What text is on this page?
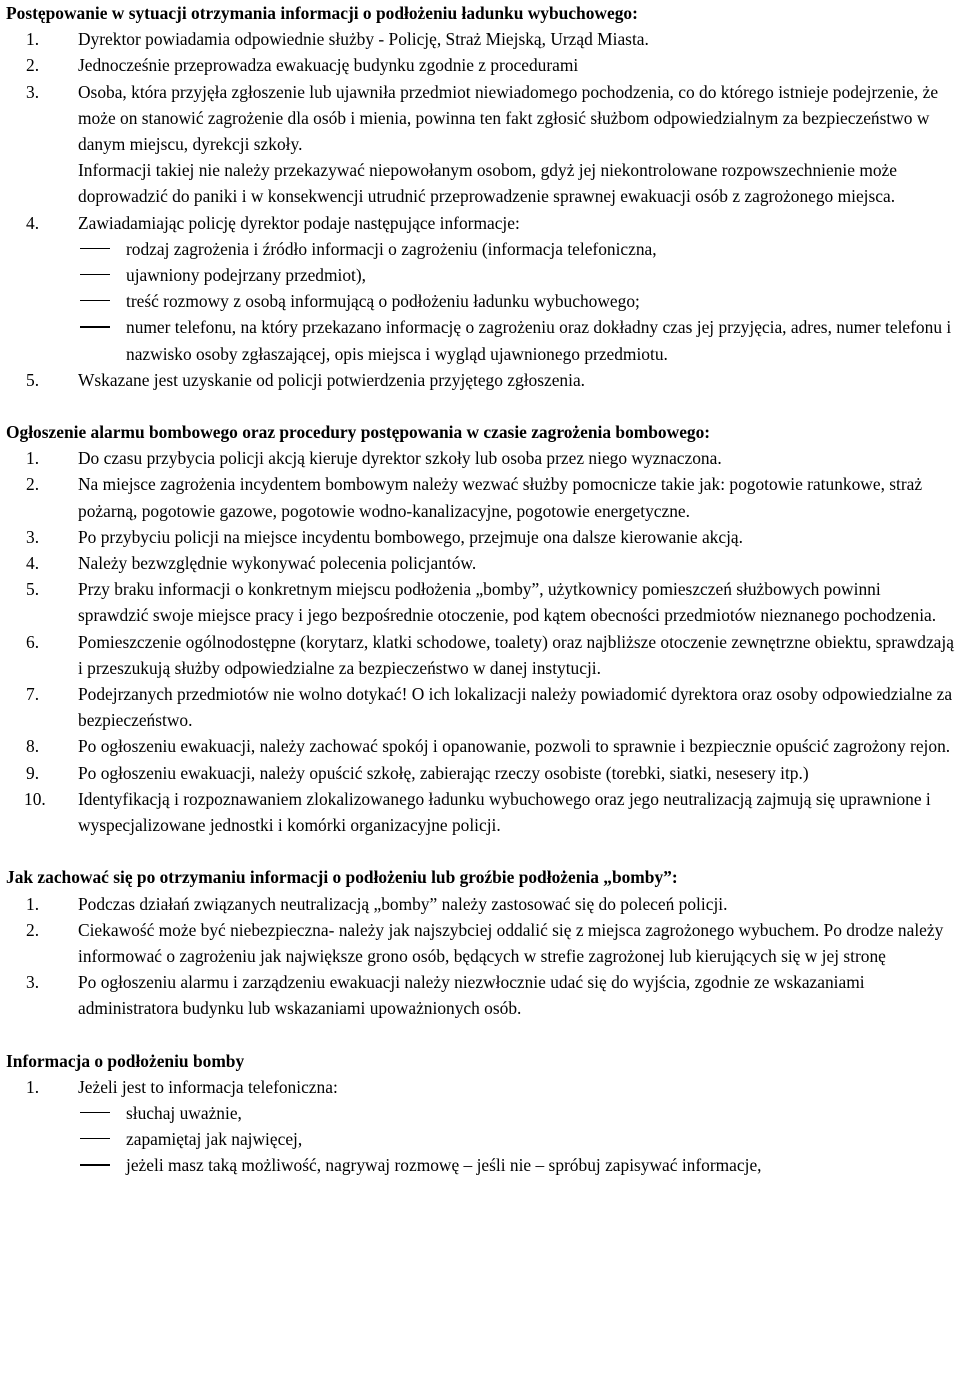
Postępowanie w sytuacji otrzymania informacji o podłożeniu ładunku wybuchowego:
1.	Dyrektor powiadamia odpowiednie służby - Policję, Straż Miejską, Urząd Miasta.

2.	Jednocześnie przeprowadza ewakuację budynku zgodnie z procedurami

3.	Osoba, która przyjęła zgłoszenie lub ujawniła przedmiot niewiadomego pochodzenia, co do którego istnieje podejrzenie, że może on stanowić zagrożenie dla osób i mienia, powinna ten fakt zgłosić służbom odpowiedzialnym za bezpieczeństwo w danym miejscu, dyrekcji szkoły.

Informacji takiej nie należy przekazywać niepowołanym osobom, gdyż jej niekontrolowane rozpowszechnienie może doprowadzić do paniki i w konsekwencji utrudnić przeprowadzenie sprawnej ewakuacji osób z zagrożonego miejsca.

4.	Zawiadamiając policję dyrektor podaje następujące informacje:

rodzaj zagrożenia i źródło informacji o zagrożeniu (informacja telefoniczna,
ujawniony podejrzany przedmiot),
treść rozmowy z osobą informującą o podłożeniu ładunku wybuchowego;
numer telefonu, na który przekazano informację o zagrożeniu oraz dokładny czas jej przyjęcia, adres, numer telefonu i nazwisko osoby zgłaszającej, opis miejsca i wygląd ujawnionego przedmiotu.
5.	Wskazane jest uzyskanie od policji potwierdzenia przyjętego zgłoszenia.

Ogłoszenie alarmu bombowego oraz procedury postępowania w czasie zagrożenia bombowego:
1.	Do czasu przybycia policji akcją kieruje dyrektor szkoły lub osoba przez niego wyznaczona.

2.	Na miejsce zagrożenia incydentem bombowym należy wezwać służby pomocnicze takie jak: pogotowie ratunkowe, straż pożarną, pogotowie gazowe, pogotowie wodno-kanalizacyjne, pogotowie energetyczne.

3.	Po przybyciu policji na miejsce incydentu bombowego, przejmuje ona dalsze kierowanie akcją.

4.	Należy bezwzględnie wykonywać polecenia policjantów.

5.	Przy braku informacji o konkretnym miejscu podłożenia „bomby”, użytkownicy pomieszczeń służbowych powinni sprawdzić swoje miejsce pracy i jego bezpośrednie otoczenie, pod kątem obecności przedmiotów nieznanego pochodzenia.

6.	Pomieszczenie ogólnodostępne (korytarz, klatki schodowe, toalety) oraz najbliższe otoczenie zewnętrzne obiektu, sprawdzają i przeszukują służby odpowiedzialne za bezpieczeństwo w danej instytucji.

7.	Podejrzanych przedmiotów nie wolno dotykać! O ich lokalizacji należy powiadomić dyrektora oraz osoby odpowiedzialne za bezpieczeństwo.

8.	Po ogłoszeniu ewakuacji, należy zachować spokój i opanowanie, pozwoli to sprawnie i bezpiecznie opuścić zagrożony rejon.

9.	Po ogłoszeniu ewakuacji, należy opuścić szkołę, zabierając rzeczy osobiste (torebki, siatki, nesesery itp.)

10.	Identyfikacją i rozpoznawaniem zlokalizowanego ładunku wybuchowego oraz jego neutralizacją zajmują się uprawnione i wyspecjalizowane jednostki i komórki organizacyjne policji.

Jak zachować się po otrzymaniu informacji o podłożeniu lub groźbie podłożenia „bomby”:
1.	Podczas działań związanych neutralizacją „bomby” należy zastosować się do poleceń policji.

2.	Ciekawość może być niebezpieczna- należy jak najszybciej oddalić się z miejsca zagrożonego wybuchem. Po drodze należy informować o zagrożeniu jak największe grono osób, będących w strefie zagrożonej lub kierujących się w jej stronę

3.	Po ogłoszeniu alarmu i zarządzeniu ewakuacji należy niezwłocznie udać się do wyjścia, zgodnie ze wskazaniami administratora budynku lub wskazaniami upoważnionych osób.

Informacja o podłożeniu bomby
1.	Jeżeli jest to informacja telefoniczna:

słuchaj uważnie,
zapamiętaj jak najwięcej,
jeżeli masz taką możliwość, nagrywaj rozmowę – jeśli nie – spróbuj zapisywać informacje,
